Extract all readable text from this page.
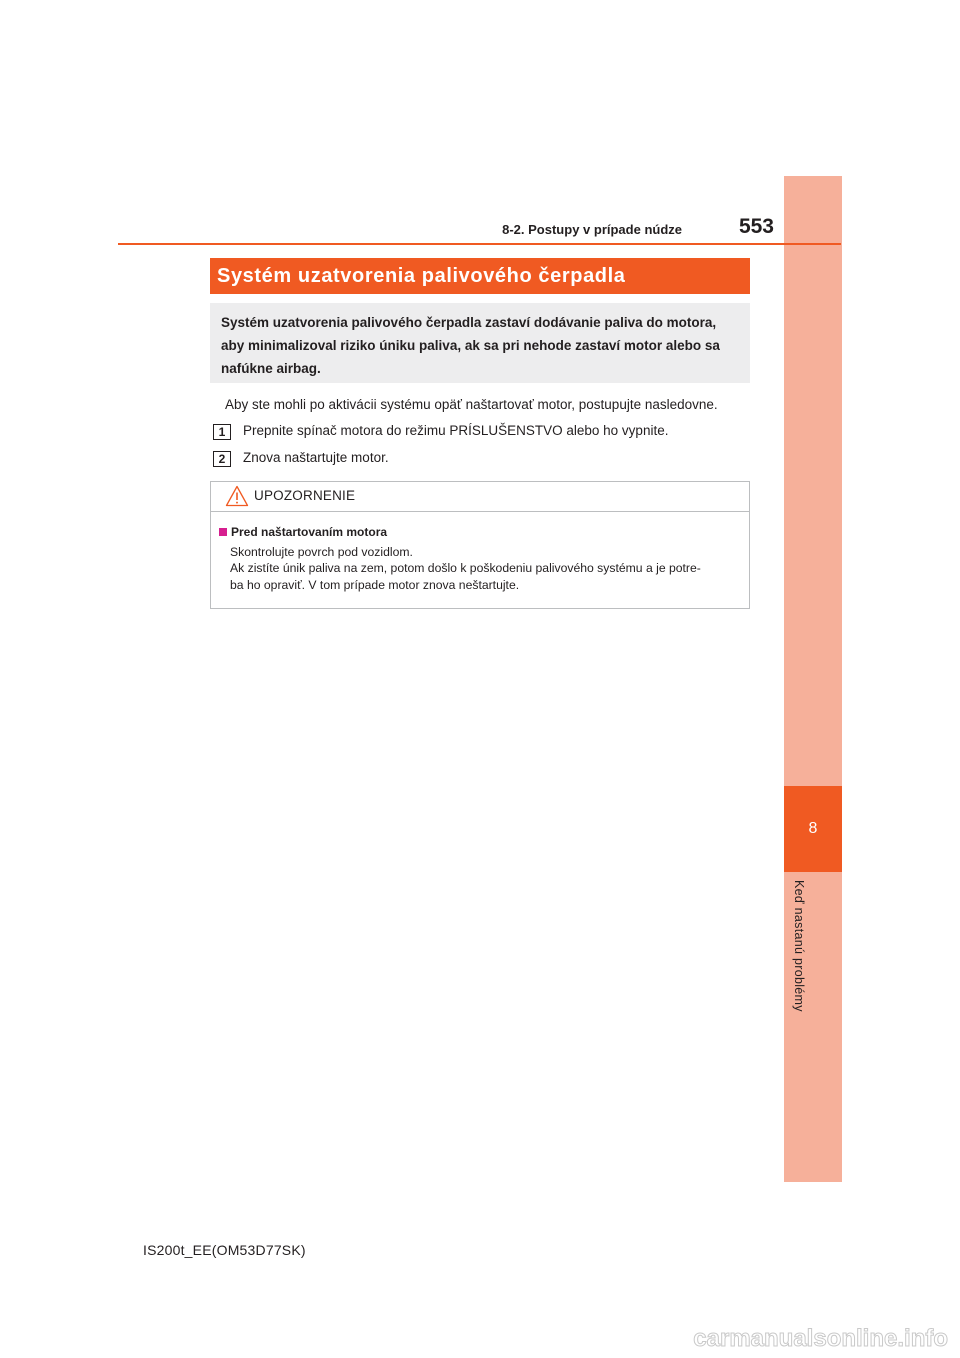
8
Keď nastanú problémy
8-2. Postupy v prípade núdze	553
Systém uzatvorenia palivového čerpadla

Systém uzatvorenia palivového čerpadla zastaví dodávanie paliva do motora,

aby minimalizoval riziko úniku paliva, ak sa pri nehode zastaví motor alebo sa

nafúkne airbag.

Aby ste mohli po aktivácii systému opäť naštartovať motor, postupujte nasledovne.
1	Prepnite spínač motora do režimu PRÍSLUŠENSTVO alebo ho vypnite.
2	Znova naštartujte motor.
UPOZORNENIE
Pred naštartovaním motora
Skontrolujte povrch pod vozidlom.
Ak zistíte únik paliva na zem, potom došlo k poškodeniu palivového systému a je potre-
ba ho opraviť. V tom prípade motor znova neštartujte.
IS200t_EE(OM53D77SK)
carmanualsonline.info
